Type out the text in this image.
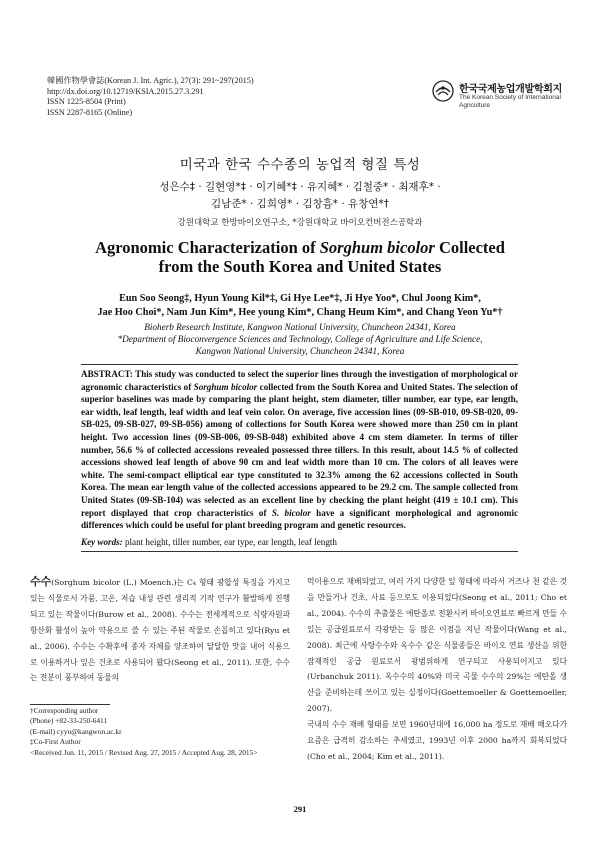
韓國作物學會誌(Korean J. Int. Agric.), 27(3): 291~297(2015)
http://dx.doi.org/10.12719/KSIA.2015.27.3.291
ISSN 1225-8504 (Print)
ISSN 2287-8165 (Online)
한국국제농업개발학회지
The Korean Society of International
Agriculture
미국과 한국 수수종의 농업적 형질 특성
성은수‡ · 길현영*‡ · 이기혜*‡ · 유지혜* · 김철중* · 최재후* ·
김남준* · 김희영* · 김창흠* · 유창연*†
강원대학교 한방바이오연구소, *강원대학교 바이오컨버전스공학과
Agronomic Characterization of Sorghum bicolor Collected
from the South Korea and United States
Eun Soo Seong‡, Hyun Young Kil*‡, Gi Hye Lee*‡, Ji Hye Yoo*, Chul Joong Kim*,
Jae Hoo Choi*, Nam Jun Kim*, Hee young Kim*, Chang Heum Kim*, and Chang Yeon Yu*†
Bioherb Research Institute, Kangwon National University, Chuncheon 24341, Korea
*Department of Bioconvergence Sciences and Technology, College of Agriculture and Life Science,
Kangwon National University, Chuncheon 24341, Korea
ABSTRACT: This study was conducted to select the superior lines through the investigation of morphological or agronomic characteristics of Sorghum bicolor collected from the South Korea and United States. The selection of superior baselines was made by comparing the plant height, stem diameter, tiller number, ear type, ear length, ear width, leaf length, leaf width and leaf vein color. On average, five accession lines (09-SB-010, 09-SB-020, 09-SB-025, 09-SB-027, 09-SB-056) among of collections for South Korea were showed more than 250 cm in plant height. Two accession lines (09-SB-006, 09-SB-048) exhibited above 4 cm stem diameter. In terms of tiller number, 56.6 % of collected accessions revealed possessed three tillers. In this result, about 14.5 % of collected accessions showed leaf length of above 90 cm and leaf width more than 10 cm. The colors of all leaves were white. The semi-compact elliptical ear type constituted to 32.3% among the 62 accessions collected in South Korea. The mean ear length value of the collected accessions appeared to be 29.2 cm. The sample collected from United States (09-SB-104) was selected as an excellent line by checking the plant height (419 ± 10.1 cm). This report displayed that crop characteristics of S. bicolor have a significant morphological and agronomic differences which could be useful for plant breeding program and genetic resources.
Key words: plant height, tiller number, ear type, ear length, leaf length
수수(Sorghum bicolor (L.) Moench.)는 C₄ 형태 광합성 특징을 가지고 있는 식물로서 가뭄, 고온, 저습 내성 관련 생리적 기작 연구가 활발하게 진행되고 있는 작물이다(Burow et al., 2008). 수수는 전세계적으로 식량자원과 항산화 활성이 높아 약용으로 쓸 수 있는 주된 작물로 손꼽히고 있다(Ryu et al., 2006). 수수는 수확후에 종자 자체를 양조하여 달달한 맛을 내어 식용으로 이용하거나 잎은 건초로 사용되어 왔다(Seong et al., 2011). 또한, 수수는 전분이 풍부하여 동물의
먹이용으로 재배되었고, 여러 가지 다양한 잎 형태에 따라서 거즈나 천 같은 것을 만들거나 건초, 사료 등으로도 이용되었다(Seong et al., 2011; Cho et al., 2004). 수수의 추출물은 에탄올로 전환시켜 바이오연료로 빠르게 만들 수 있는 공급원료로서 각광받는 등 많은 이점을 지닌 작물이다(Wang et al., 2008). 최근에 사탕수수와 옥수수 같은 식물종들은 바이오 연료 생산을 위한 잠재적인 공급 원료로서 광범위하게 연구되고 사용되어지고 있다(Urbanchuk 2011). 옥수수의 40%와 미국 곡물 수수의 29%는 에탄올 생산을 준비하는데 쓰이고 있는 실정이다(Goettemoeller & Goettemoeller, 2007).
국내의 수수 재배 형태를 보면 1960년대에 16,000 ha 정도로 재배 해오다가 요즘은 급격히 감소하는 추세였고, 1993년 이후 2000 ha까지 회복되었다(Cho et al., 2004; Kim et al., 2011).
†Corresponding author
(Phone) +82-33-250-6411
(E-mail) cyyu@kangwon.ac.kr
‡Co-First Author
<Received Jun. 11, 2015 / Revised Aug. 27, 2015 / Accepted Aug. 28, 2015>
291
